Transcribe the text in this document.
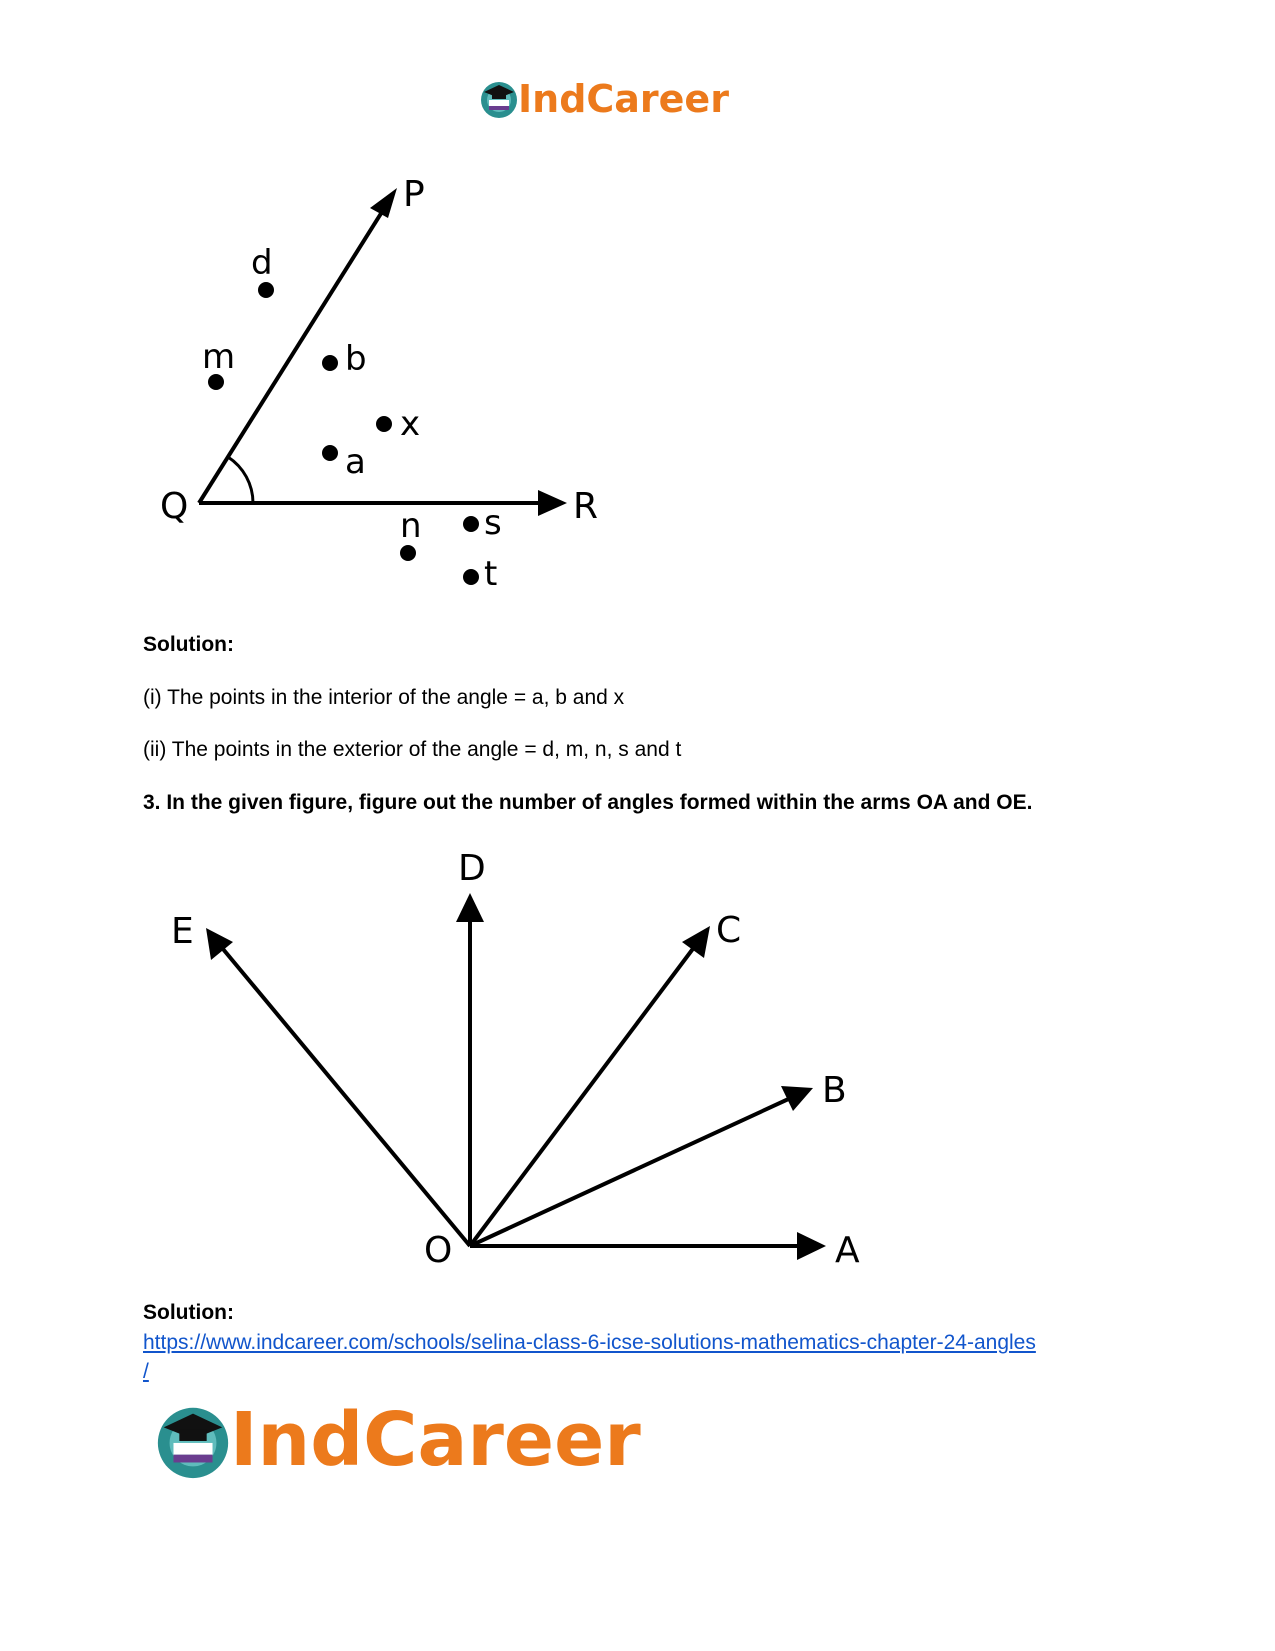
IndCareer
P
Q	R
d
m	b
x
a
n s
t
Solution:
(i) The points in the interior of the angle = a, b and x
(ii) The points in the exterior of the angle = d, m, n, s and t
3. In the given figure, figure out the number of angles formed within the arms OA and OE.
O	A
B
C
D
E
Solution:
https://www.indcareer.com/schools/selina-class-6-icse-solutions-mathematics-chapter-24-angles
/
IndCareer
